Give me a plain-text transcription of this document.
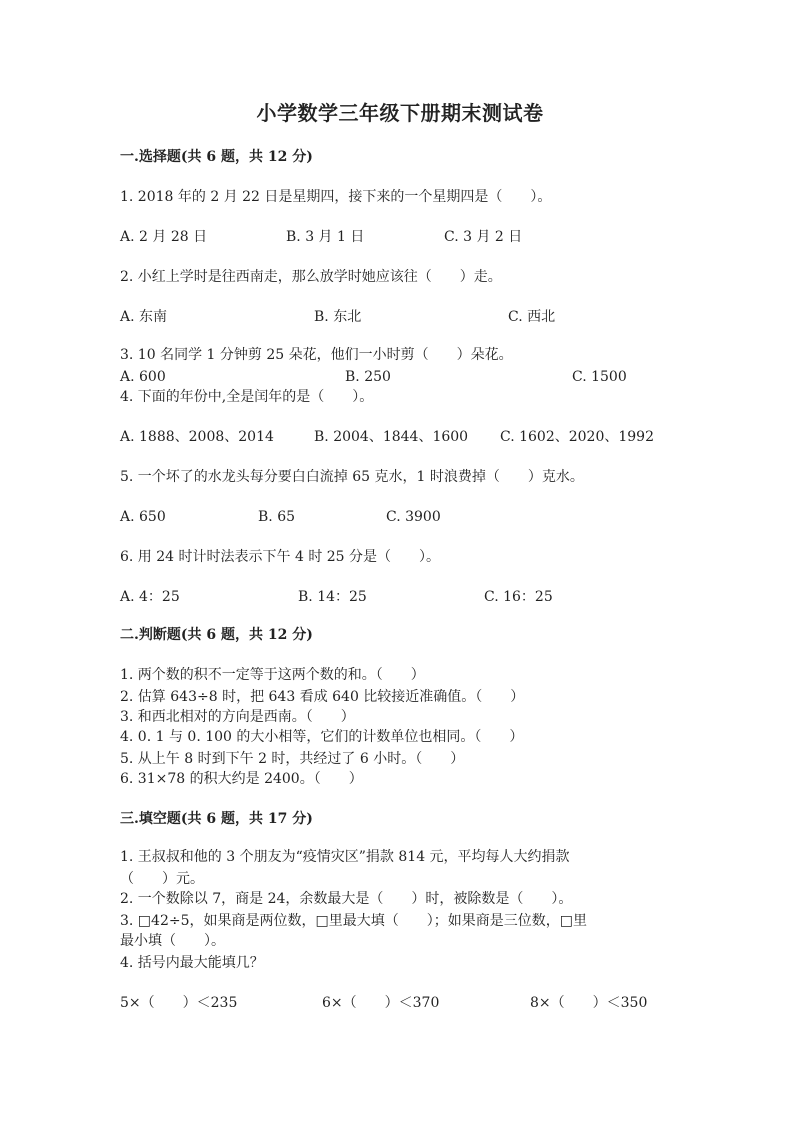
小学数学三年级下册期末测试卷
一.选择题(共 6 题，共 12 分)
1. 2018 年的 2 月 22 日是星期四，接下来的一个星期四是（　　）。
A. 2 月 28 日	B. 3 月 1 日	C. 3 月 2 日
2. 小红上学时是往西南走，那么放学时她应该往（　　）走。
A. 东南	B. 东北	C. 西北
3. 10 名同学 1 分钟剪 25 朵花，他们一小时剪（　　）朵花。
A. 600	B. 250	C. 1500
4. 下面的年份中,全是闰年的是（　　）。
A. 1888、2008、2014	B. 2004、1844、1600 C. 1602、2020、1992
5. 一个坏了的水龙头每分要白白流掉 65 克水，1 时浪费掉（　　）克水。
A. 650	B. 65	C. 3900
6. 用 24 时计时法表示下午 4 时 25 分是（　　）。
A. 4：25	B. 14：25	C. 16：25
二.判断题(共 6 题，共 12 分)
1. 两个数的积不一定等于这两个数的和。（　　）
2. 估算 643÷8 时，把 643 看成 640 比较接近准确值。（　　）
3. 和西北相对的方向是西南。（　　）
4. 0. 1 与 0. 100 的大小相等，它们的计数单位也相同。（　　）
5. 从上午 8 时到下午 2 时，共经过了 6 小时。（　　）
6. 31×78 的积大约是 2400。（　　）
三.填空题(共 6 题，共 17 分)
1. 王叔叔和他的 3 个朋友为“疫情灾区”捐款 814 元，平均每人大约捐款
（　　）元。
2. 一个数除以 7，商是 24，余数最大是（　　）时，被除数是（　　）。
3. □42÷5，如果商是两位数，□里最大填（　　）；如果商是三位数，□里
最小填（　　）。
4. 括号内最大能填几？
5×（　　）＜235	6×（　　）＜370	8×（　　）＜350
